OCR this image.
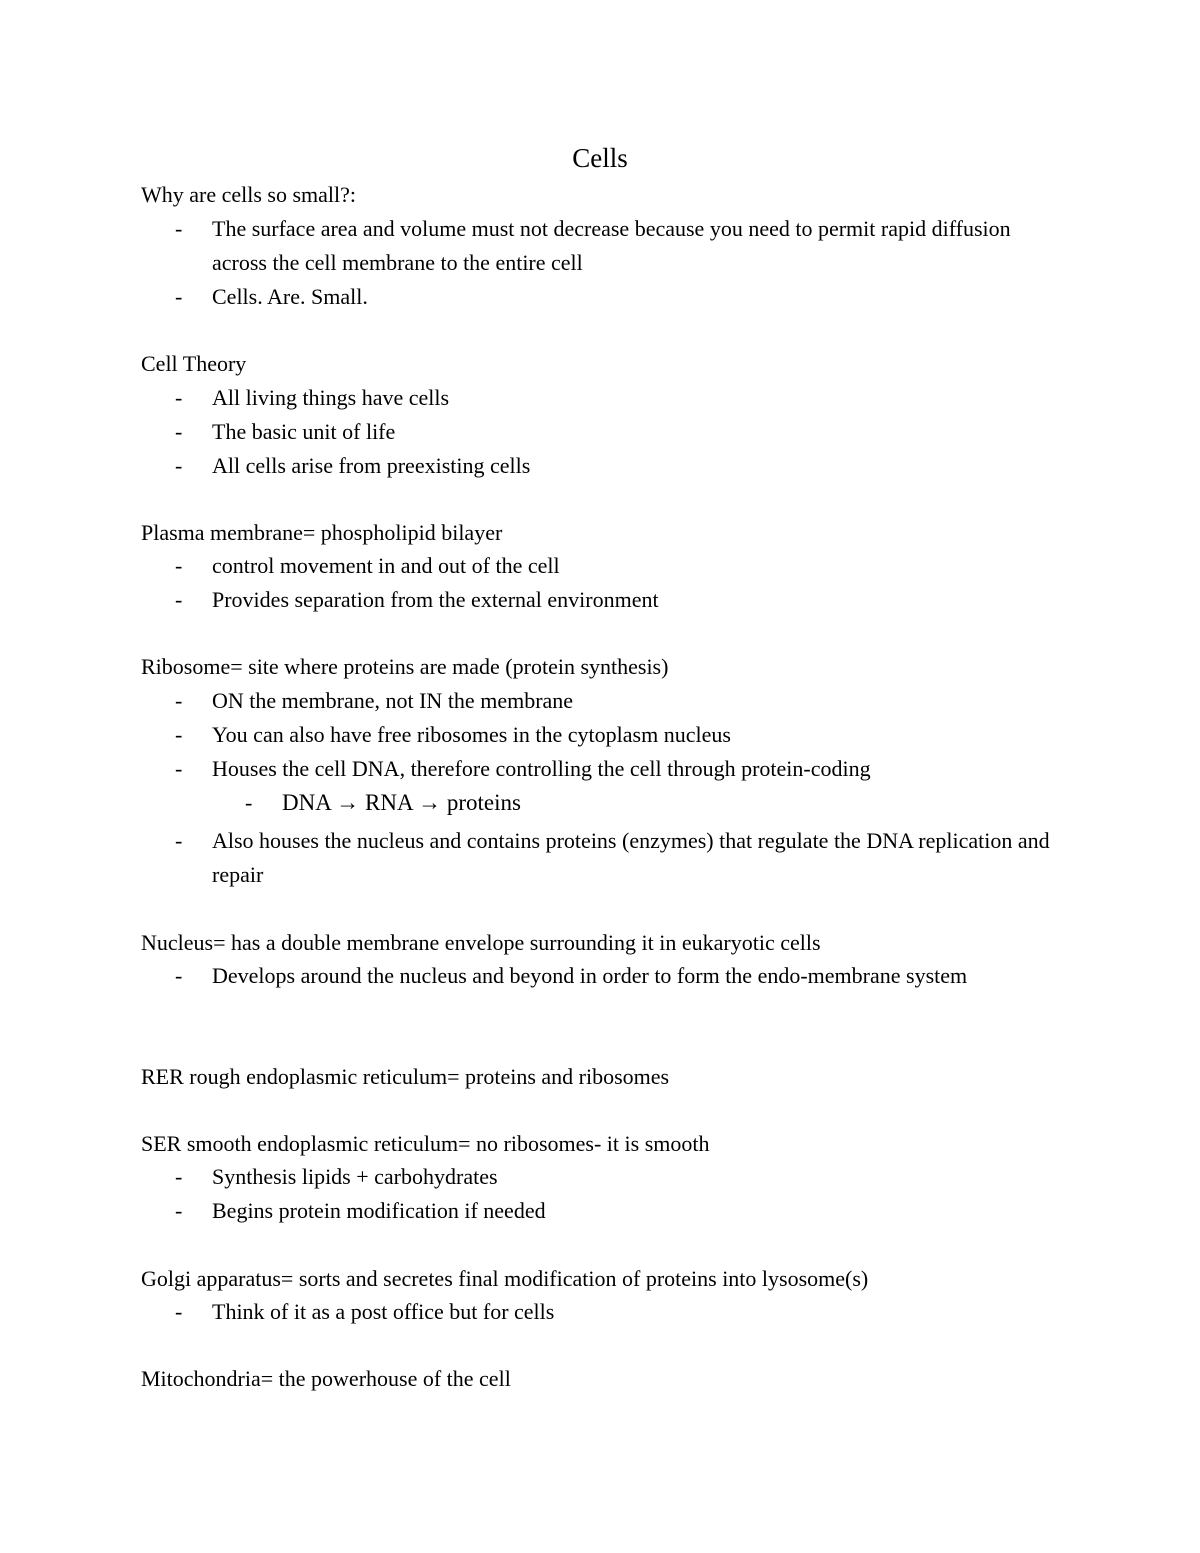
Cells
Why are cells so small?:
- The surface area and volume must not decrease because you need to permit rapid diffusion across the cell membrane to the entire cell
- Cells. Are. Small.
Cell Theory
- All living things have cells
- The basic unit of life
- All cells arise from preexisting cells
Plasma membrane= phospholipid bilayer
- control movement in and out of the cell
- Provides separation from the external environment
Ribosome= site where proteins are made (protein synthesis)
- ON the membrane, not IN the membrane
- You can also have free ribosomes in the cytoplasm nucleus
- Houses the cell DNA, therefore controlling the cell through protein-coding
- DNA → RNA → proteins
- Also houses the nucleus and contains proteins (enzymes) that regulate the DNA replication and repair
Nucleus= has a double membrane envelope surrounding it in eukaryotic cells
- Develops around the nucleus and beyond in order to form the endo-membrane system
RER rough endoplasmic reticulum= proteins and ribosomes
SER smooth endoplasmic reticulum= no ribosomes- it is smooth
- Synthesis lipids + carbohydrates
- Begins protein modification if needed
Golgi apparatus= sorts and secretes final modification of proteins into lysosome(s)
- Think of it as a post office but for cells
Mitochondria= the powerhouse of the cell
